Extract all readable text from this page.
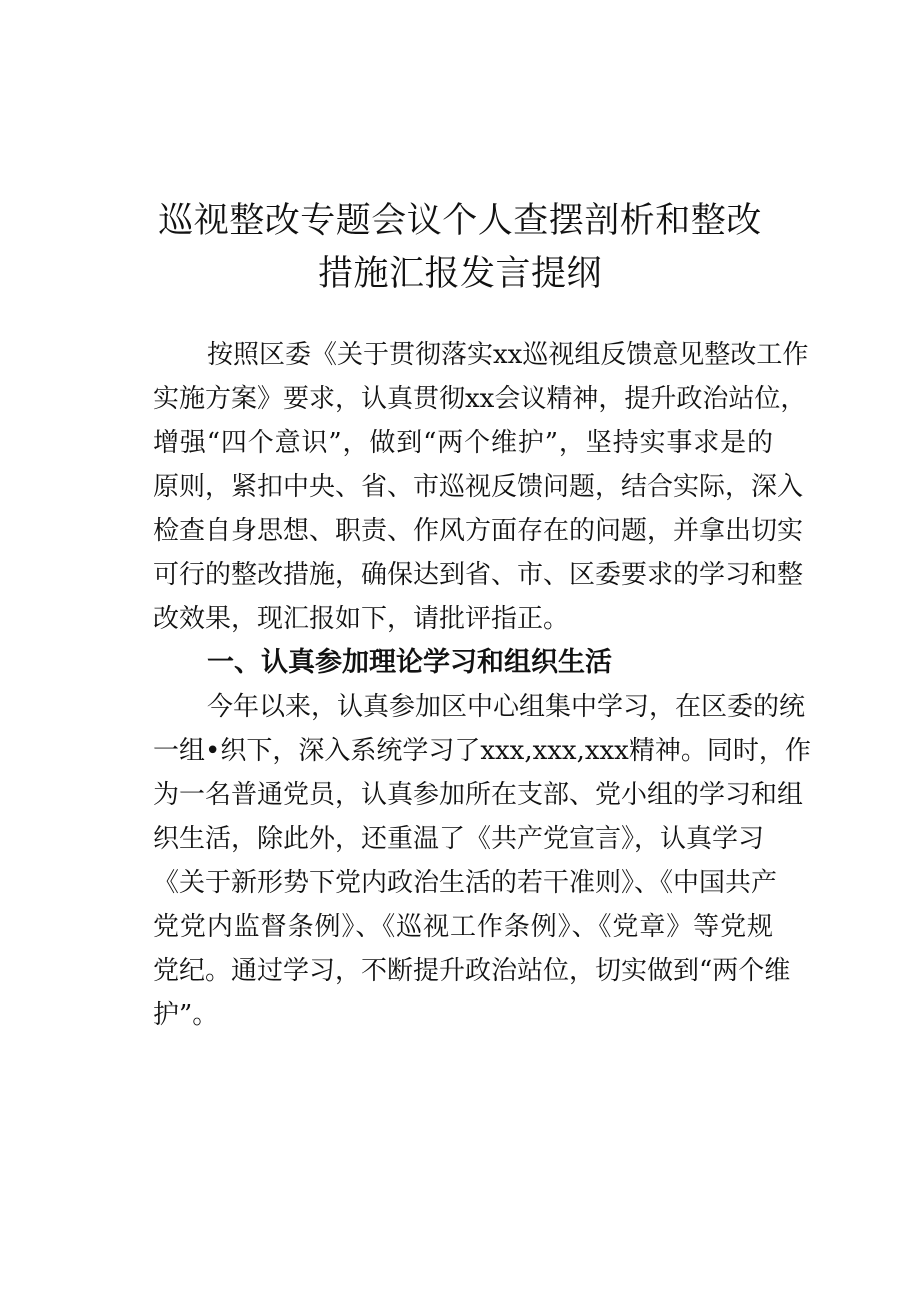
巡视整改专题会议个人查摆剖析和整改
措施汇报发言提纲

按照区委《关于贯彻落实xx巡视组反馈意见整改工作

实施方案》要求，认真贯彻xx会议精神，提升政治站位，

增强“四个意识”，做到“两个维护”，坚持实事求是的

原则，紧扣中央、省、市巡视反馈问题，结合实际，深入

检查自身思想、职责、作风方面存在的问题，并拿出切实

可行的整改措施，确保达到省、市、区委要求的学习和整

改效果，现汇报如下，请批评指正。

一、认真参加理论学习和组织生活

今年以来，认真参加区中心组集中学习，在区委的统

一组•织下，深入系统学习了xxx,xxx,xxx精神。同时，作

为一名普通党员，认真参加所在支部、党小组的学习和组

织生活，除此外，还重温了《共产党宣言》，认真学习

《关于新形势下党内政治生活的若干准则》、《中国共产

党党内监督条例》、《巡视工作条例》、《党章》等党规

党纪。通过学习，不断提升政治站位，切实做到“两个维

护”。
